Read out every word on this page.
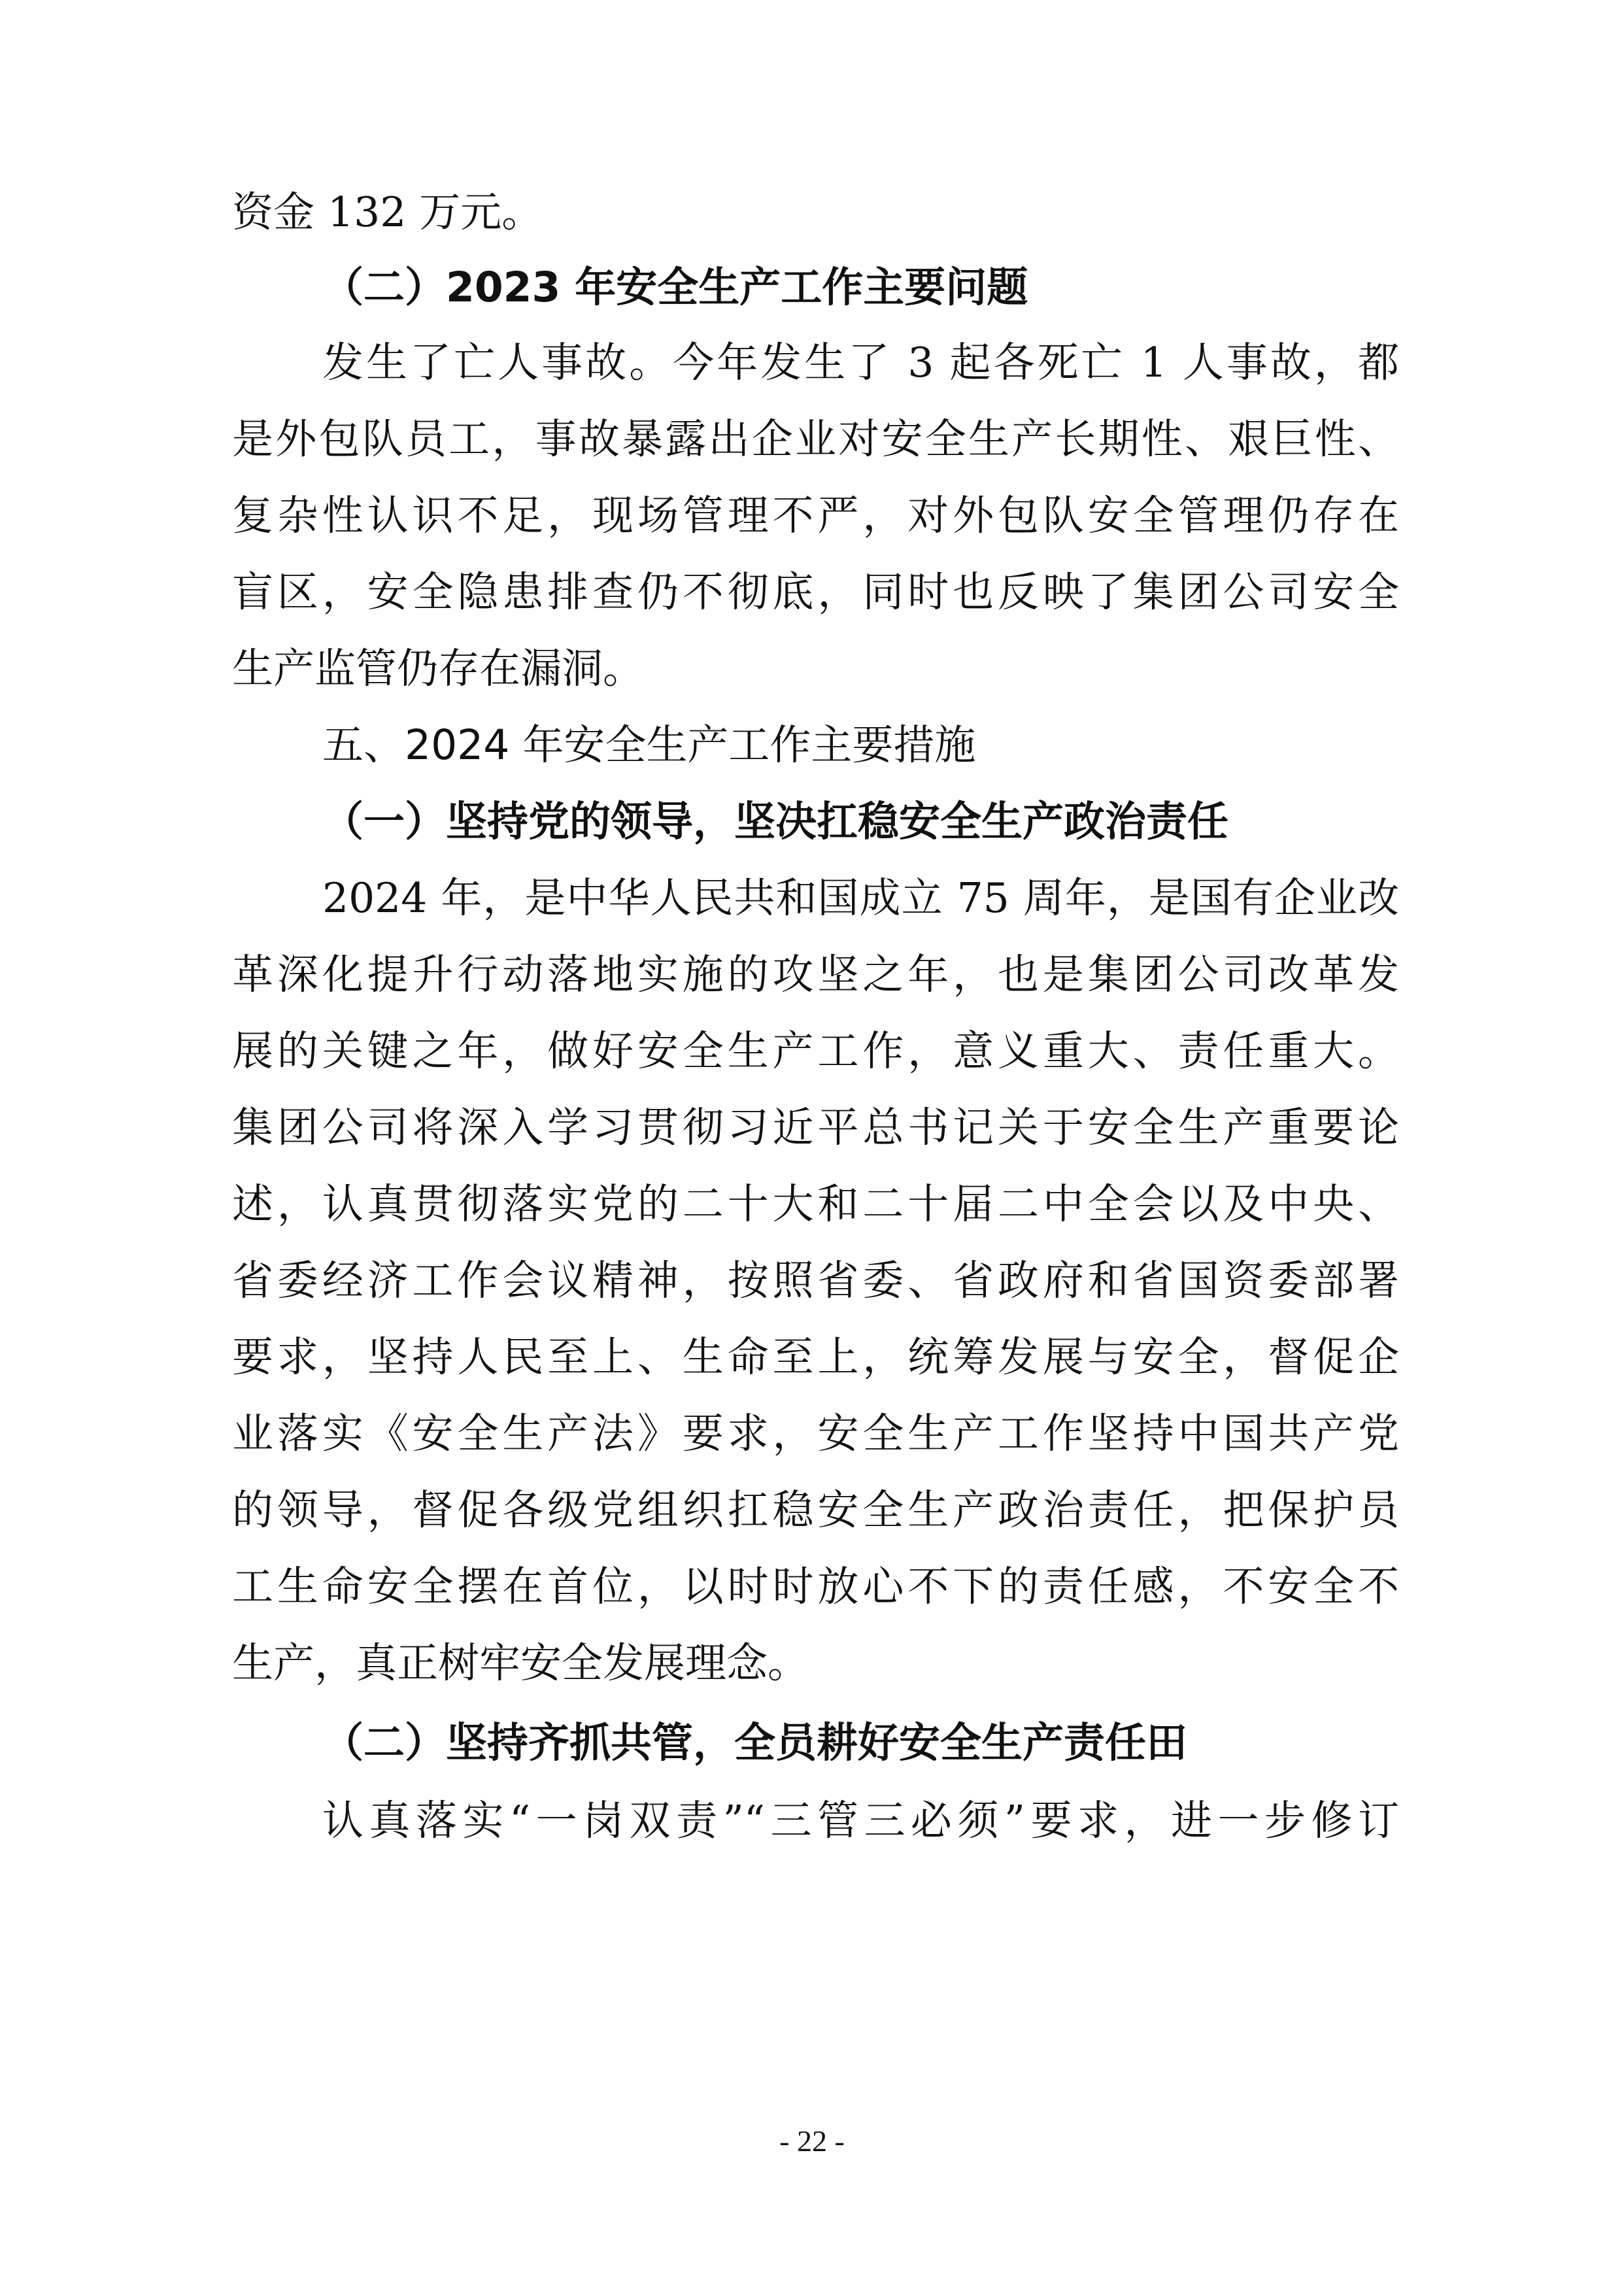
资金 132 万元。
（二）2023 年安全生产工作主要问题
发生了亡人事故。今年发生了 3 起各死亡 1 人事故，都
是外包队员工，事故暴露出企业对安全生产长期性、艰巨性、
复杂性认识不足，现场管理不严，对外包队安全管理仍存在
盲区，安全隐患排查仍不彻底，同时也反映了集团公司安全
生产监管仍存在漏洞。
五、2024 年安全生产工作主要措施
（一）坚持党的领导，坚决扛稳安全生产政治责任
2024 年，是中华人民共和国成立 75 周年，是国有企业改
革深化提升行动落地实施的攻坚之年，也是集团公司改革发
展的关键之年，做好安全生产工作，意义重大、责任重大。
集团公司将深入学习贯彻习近平总书记关于安全生产重要论
述，认真贯彻落实党的二十大和二十届二中全会以及中央、
省委经济工作会议精神，按照省委、省政府和省国资委部署
要求，坚持人民至上、生命至上，统筹发展与安全，督促企
业落实《安全生产法》要求，安全生产工作坚持中国共产党
的领导，督促各级党组织扛稳安全生产政治责任，把保护员
工生命安全摆在首位，以时时放心不下的责任感，不安全不
生产，真正树牢安全发展理念。
（二）坚持齐抓共管，全员耕好安全生产责任田
认真落实“一岗双责”“三管三必须”要求，进一步修订
- 22 -
